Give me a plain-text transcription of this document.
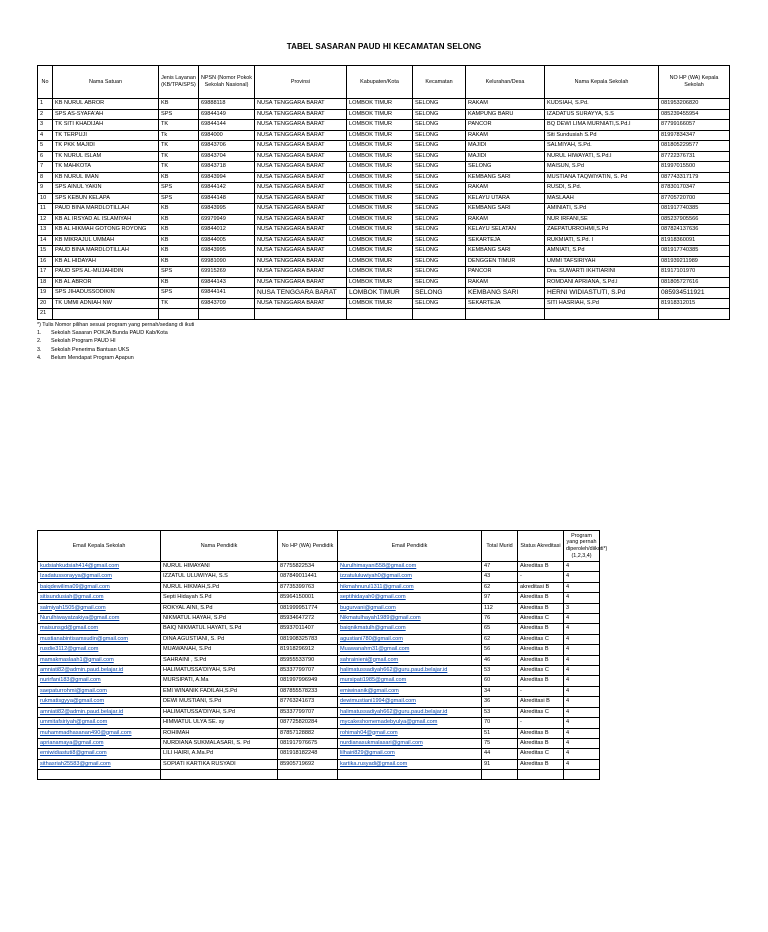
TABEL SASARAN PAUD HI KECAMATAN SELONG
No	Nama Satuan	Jenis Layanan (KB/TPA/SPS)	NPSN (Nomor Pokok Sekolah Nasional)	Provinsi	Kabupaten/Kota	Kecamatan	Kelurahan/Desa	Nama Kepala Sekolah	NO HP (WA) Kepala Sekolah
1	KB NURUL ABROR	KB	69888118	NUSA TENGGARA BARAT	LOMBOK TIMUR	SELONG	RAKAM	KUDSIAH, S.Pd.	081953206820
2	SPS AS-SYAFA'AH	SPS	69844149	NUSA TENGGARA BARAT	LOMBOK TIMUR	SELONG	KAMPUNG BARU	IZADATUS SURAYYA, S.S	085239455954
3	TK SITI KHADIJAH	TK	69844144	NUSA TENGGARA BARAT	LOMBOK TIMUR	SELONG	PANCOR	BQ DEWI LIMA MURNIATI,S.Pd.I	87799166057
4	TK TERPUJI	Tk	6984000	NUSA TENGGARA BARAT	LOMBOK TIMUR	SELONG	RAKAM	Siti Sundusiah S.Pd	81997834347
5	TK PKK MAJIDI	TK	69843706	NUSA TENGGARA BARAT	LOMBOK TIMUR	SELONG	MAJIDI	SALMIYAH, S.Pd.	081805229577
6	TK NURUL ISLAM	TK	69843704	NUSA TENGGARA BARAT	LOMBOK TIMUR	SELONG	MAJIDI	NURUL HIWAYATI, S.Pd.I	87722376731
7	TK MAHKOTA	TK	69843718	NUSA TENGGARA BARAT	LOMBOK TIMUR	SELONG	SELONG	MAISUN, S.Pd	81997015500
8	KB NURUL IMAN	KB	69843994	NUSA TENGGARA BARAT	LOMBOK TIMUR	SELONG	KEMBANG SARI	MUSTIANA TAQWIYATIN, S. Pd	087743317179
9	SPS AINUL YAKIN	SPS	69844142	NUSA TENGGARA BARAT	LOMBOK TIMUR	SELONG	RAKAM	RUSDI, S.Pd.	87830170347
10	SPS KEBUN KELAPA	SPS	69844148	NUSA TENGGARA BARAT	LOMBOK TIMUR	SELONG	KELAYU UTARA	MASLAAH	87705720700
11	PAUD BINA MARDLOTILLAH	KB	69843995	NUSA TENGGARA BARAT	LOMBOK TIMUR	SELONG	KEMBANG SARI	AMINIATI, S.Pd	081917740385
12	KB AL IRSYAD AL ISLAMIYAH	KB	69979949	NUSA TENGGARA BARAT	LOMBOK TIMUR	SELONG	RAKAM	NUR IRFANI,SE	085237905566
13	KB AL HIKMAH GOTONG ROYONG	KB	69844012	NUSA TENGGARA BARAT	LOMBOK TIMUR	SELONG	KELAYU SELATAN	ZAEPATURROHMI,S.Pd	087824137636
14	KB MIKRAJUL UMMAH	KB	69844005	NUSA TENGGARA BARAT	LOMBOK TIMUR	SELONG	SEKARTEJA	RUKMIATI, S.Pd. I	81918360091
15	PAUD BINA MARDLOTILLAH	KB	69843995	NUSA TENGGARA BARAT	LOMBOK TIMUR	SELONG	KEMBANG SARI	AMNIATI, S.Pd	081917740385
16	KB AL HIDAYAH	KB	69981090	NUSA TENGGARA BARAT	LOMBOK TIMUR	SELONG	DENGGEN TIMUR	UMMI TAFSIRIYAH	081939211989
17	PAUD SPS AL-MUJAHIDIN	SPS	69915269	NUSA TENGGARA BARAT	LOMBOK TIMUR	SELONG	PANCOR	Dra. SUWARTI IKHTIARINI	81917101970
18	KB AL ABROR	KB	69844143	NUSA TENGGARA BARAT	LOMBOK TIMUR	SELONG	RAKAM	ROMDANI APRIANA, S.Pd.I	081805727616
19	SPS JIHADUSSODIKIN	SPS	69844141	NUSA TENGGARA BARAT	LOMBOK TIMUR	SELONG	KEMBANG SARI	HERNI WIDIASTUTI, S.Pd	085934511921
20	TK UMMI ADNIAH NW	TK	69843709	NUSA TENGGARA BARAT	LOMBOK TIMUR	SELONG	SEKARTEJA	SITI HASRIAH, S.Pd	81918312015
21									
*) Tulis Nomor pilihan sesuai program yang pernah/sedang di ikuti
1. Sekolah Sasaran POKJA Bunda PAUD Kab/Kota
2. Sekolah Program PAUD HI
3. Sekolah Penerima Bantuan UKS
4. Belum Mendapat Program Apapun
Email Kepala Sekolah	Nama Pendidik	No HP (WA) Pendidik	Email Pendidik	Total Murid	Status Akreditasi	Program yang pernah diperoleh/diikuti*) (1,2,3,4)
kudsiahkudsiah414@gmail.com	NURUL HIMAYANI	87755822534	Nurulhimayani558@gmail.com	47	Akreditas B	4
Izadatussorayya@gmail.com	IZZATUL ULUWIYAH, S.S	087849011441	izzatululuwiyah0@gmail.com	43	-	4
baiqdewilima09@gmail.com	NURUL HIKMAH,S.Pd	87735399763	hikmahnurul1311@gmail.com	62	akreditasi B	4
sitisundusiah@gmail.com	Septi Hidayah S.Pd	85964150001	septihidayah0@gmail.com	97	Akreditas B	4
salmiyah1505@gmail.com	ROKYAL AINI, S.Pd	081999951774	bugurvani@gmail.com	112	Akreditas B	3
Nurulhiwayatzakiya@gmail.com	NIKMATUL HAYAH, S.Pd	85934647272	Nikmatulhayah1989@gmail.com	76	Akreditas C	4
maisunsgd@gmail.com	BAIQ NIKMATUL HAYATI, S.Pd	85937011407	baiqnikmatulh@gmail.com	65	Akreditas B	4
mustianabintisamsudin@gmail.com	DINA AGUSTIANI, S. Pd	081908325783	agustiani780@gmail.com	62	Akreditas C	4
rusdie3112@gmail.com	MUAWANAH, S.Pd	81918296912	Muawanahm31@gmail.com	56	Akreditas B	4
mamakmaslaah1@gmail.com	SAHRAINI , S.Pd	85955533790	sahrainieni@gmail.com	46	Akreditas B	4
amniati82@admin.paud.belajar.id	HALIMATUSSA'DIYAH, S.Pd	85337799707	halimatussadiyah662@guru.paud.belajar.id	53	Akreditas C	4
nurirfani183@gmail.com	MURSIPATI, A.Ma	081997996949	mursipati1985@gmail.com	60	Akreditas B	4
saepaturrohmi@gmail.com	EMI WINANIK FADILAH,S.Pd	087855578233	emiwinanik@gmail.com	34	-	4
rukmatisgyya@gmail.com	DEWI MUSTIANI, S.Pd	87763241673	dewimustiani1994@gmail.com	36	Akreditasi B	4
amniati82@admin.paud.belajar.id	HALIMATUSSA'DIYAH, S.Pd	85337799707	halimatussadiyah662@guru.paud.belajar.id	53	Akreditas C	4
ummitafsiriyah@gmail.com	HIMMATUL ULYA SE. sy	087725820284	mycakeshomemadebyulya@gmail.com	70	-	4
muhammadhasanan490@gmail.com	ROHIMAH	87857128882	rohimah04@gmail.com	51	Akreditas B	4
aprianamaya@gmail.com	NURDIANA SUKMALASARI, S. Pd	081917976675	nurdianasukmalasari@gmail.com	75	Akreditas B	4
erniwidiastuti8@gmail.com	LILI HAIRI, A.Ma.Pd	081918182248	lilhairi829@gmail.com	44	Akreditas C	4
sithasriah25583@gmail.com	SOPIATI KARTIKA RUSYADI	85905719692	kartika.rusyadi@gmail.com	91	Akreditas B	4
